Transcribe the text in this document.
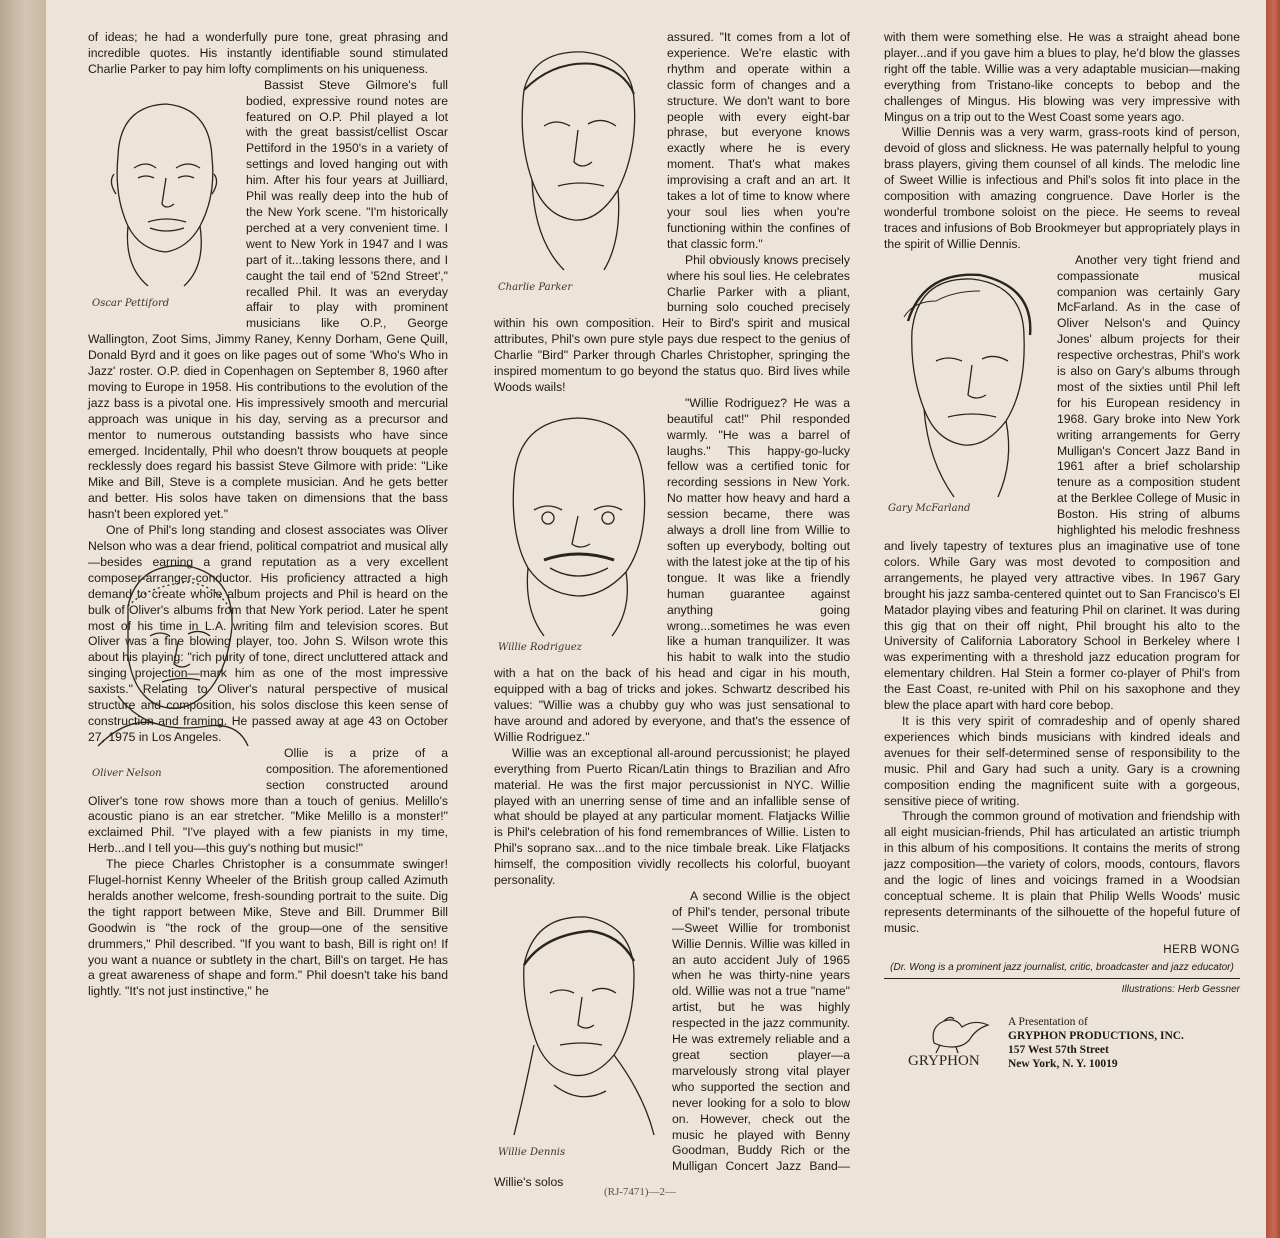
of ideas; he had a wonderfully pure tone, great phrasing and incredible quotes. His instantly identifiable sound stimulated Charlie Parker to pay him lofty compliments on his uniqueness.

Oscar Pettiford

Bassist Steve Gilmore's full bodied, expressive round notes are featured on O.P. Phil played a lot with the great bassist/cellist Oscar Pettiford in the 1950's in a variety of settings and loved hanging out with him. After his four years at Juilliard, Phil was really deep into the hub of the New York scene. "I'm historically perched at a very convenient time. I went to New York in 1947 and I was part of it...taking lessons there, and I caught the tail end of '52nd Street'," recalled Phil. It was an everyday affair to play with prominent musicians like O.P., George Wallington, Zoot Sims, Jimmy Raney, Kenny Dorham, Gene Quill, Donald Byrd and it goes on like pages out of some 'Who's Who in Jazz' roster. O.P. died in Copenhagen on September 8, 1960 after moving to Europe in 1958. His contributions to the evolution of the jazz bass is a pivotal one. His impressively smooth and mercurial approach was unique in his day, serving as a precursor and mentor to numerous outstanding bassists who have since emerged. Incidentally, Phil who doesn't throw bouquets at people recklessly does regard his bassist Steve Gilmore with pride: "Like Mike and Bill, Steve is a complete musician. And he gets better and better. His solos have taken on dimensions that the bass hasn't been explored yet."

One of Phil's long standing and closest associates was Oliver Nelson who was a dear friend, political compatriot and musical ally—besides earning a grand reputation as a very excellent composer-arranger-conductor. His proficiency attracted a high demand to create whole album projects and Phil is heard on the bulk of Oliver's albums from that New York period. Later he spent most of his time in L.A. writing film and television scores. But Oliver was a fine blowing player, too. John S. Wilson wrote this about his playing: "rich purity of tone, direct uncluttered attack and singing projection—mark him as one of the most impressive saxists." Relating to Oliver's natural perspective of musical structure and composition, his solos disclose this keen sense of construction and framing. He passed away at age 43 on October 27, 1975 in Los Angeles.

Oliver Nelson

Ollie is a prize of a composition. The aforementioned section constructed around Oliver's tone row shows more than a touch of genius. Melillo's acoustic piano is an ear stretcher. "Mike Melillo is a monster!" exclaimed Phil. "I've played with a few pianists in my time, Herb...and I tell you—this guy's nothing but music!"

The piece Charles Christopher is a consummate swinger! Flugel-hornist Kenny Wheeler of the British group called Azimuth heralds another welcome, fresh-sounding portrait to the suite. Dig the tight rapport between Mike, Steve and Bill. Drummer Bill Goodwin is "the rock of the group—one of the sensitive drummers," Phil described. "If you want to bash, Bill is right on! If you want a nuance or subtlety in the chart, Bill's on target. He has a great awareness of shape and form." Phil doesn't take his band lightly. "It's not just instinctive," he

Charlie Parker

assured. "It comes from a lot of experience. We're elastic with rhythm and operate within a classic form of changes and a structure. We don't want to bore people with every eight-bar phrase, but everyone knows exactly where he is every moment. That's what makes improvising a craft and an art. It takes a lot of time to know where your soul lies when you're functioning within the confines of that classic form."

Phil obviously knows precisely where his soul lies. He celebrates Charlie Parker with a pliant, burning solo couched precisely within his own composition. Heir to Bird's spirit and musical attributes, Phil's own pure style pays due respect to the genius of Charlie "Bird" Parker through Charles Christopher, springing the inspired momentum to go beyond the status quo. Bird lives while Woods wails!

Willie Rodriguez

"Willie Rodriguez? He was a beautiful cat!" Phil responded warmly. "He was a barrel of laughs." This happy-go-lucky fellow was a certified tonic for recording sessions in New York. No matter how heavy and hard a session became, there was always a droll line from Willie to soften up everybody, bolting out with the latest joke at the tip of his tongue. It was like a friendly human guarantee against anything going wrong...sometimes he was even like a human tranquilizer. It was his habit to walk into the studio with a hat on the back of his head and cigar in his mouth, equipped with a bag of tricks and jokes. Schwartz described his values: "Willie was a chubby guy who was just sensational to have around and adored by everyone, and that's the essence of Willie Rodriguez."

Willie was an exceptional all-around percussionist; he played everything from Puerto Rican/Latin things to Brazilian and Afro material. He was the first major percussionist in NYC. Willie played with an unerring sense of time and an infallible sense of what should be played at any particular moment. Flatjacks Willie is Phil's celebration of his fond remembrances of Willie. Listen to Phil's soprano sax...and to the nice timbale break. Like Flatjacks himself, the composition vividly recollects his colorful, buoyant personality.

Willie Dennis

A second Willie is the object of Phil's tender, personal tribute—Sweet Willie for trombonist Willie Dennis. Willie was killed in an auto accident July of 1965 when he was thirty-nine years old. Willie was not a true "name" artist, but he was highly respected in the jazz community. He was extremely reliable and a great section player—a marvelously strong vital player who supported the section and never looking for a solo to blow on. However, check out the music he played with Benny Goodman, Buddy Rich or the Mulligan Concert Jazz Band—Willie's solos

with them were something else. He was a straight ahead bone player...and if you gave him a blues to play, he'd blow the glasses right off the table. Willie was a very adaptable musician—making everything from Tristano-like concepts to bebop and the challenges of Mingus. His blowing was very impressive with Mingus on a trip out to the West Coast some years ago.

Willie Dennis was a very warm, grass-roots kind of person, devoid of gloss and slickness. He was paternally helpful to young brass players, giving them counsel of all kinds. The melodic line of Sweet Willie is infectious and Phil's solos fit into place in the composition with amazing congruence. Dave Horler is the wonderful trombone soloist on the piece. He seems to reveal traces and infusions of Bob Brookmeyer but appropriately plays in the spirit of Willie Dennis.

Gary McFarland

Another very tight friend and compassionate musical companion was certainly Gary McFarland. As in the case of Oliver Nelson's and Quincy Jones' album projects for their respective orchestras, Phil's work is also on Gary's albums through most of the sixties until Phil left for his European residency in 1968. Gary broke into New York writing arrangements for Gerry Mulligan's Concert Jazz Band in 1961 after a brief scholarship tenure as a composition student at the Berklee College of Music in Boston. His string of albums highlighted his melodic freshness and lively tapestry of textures plus an imaginative use of tone colors. While Gary was most devoted to composition and arrangements, he played very attractive vibes. In 1967 Gary brought his jazz samba-centered quintet out to San Francisco's El Matador playing vibes and featuring Phil on clarinet. It was during this gig that on their off night, Phil brought his alto to the University of California Laboratory School in Berkeley where I was experimenting with a threshold jazz education program for elementary children. Hal Stein a former co-player of Phil's from the East Coast, re-united with Phil on his saxophone and they blew the place apart with hard core bebop.

It is this very spirit of comradeship and of openly shared experiences which binds musicians with kindred ideals and avenues for their self-determined sense of responsibility to the music. Phil and Gary had such a unity. Gary is a crowning composition ending the magnificent suite with a gorgeous, sensitive piece of writing.

Through the common ground of motivation and friendship with all eight musician-friends, Phil has articulated an artistic triumph in this album of his compositions. It contains the merits of strong jazz composition—the variety of colors, moods, contours, flavors and the logic of lines and voicings framed in a Woodsian conceptual scheme. It is plain that Philip Wells Woods' music represents determinants of the silhouette of the hopeful future of music.

HERB WONG

(Dr. Wong is a prominent jazz journalist, critic, broadcaster and jazz educator)

Illustrations: Herb Gessner

GRYPHON
A Presentation of
GRYPHON PRODUCTIONS, INC.
157 West 57th Street
New York, N. Y. 10019
(RJ-7471)—2—
